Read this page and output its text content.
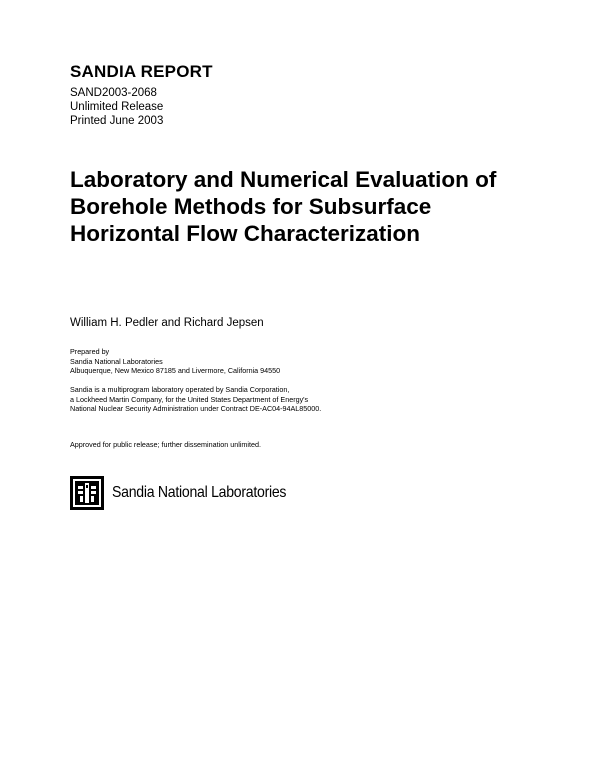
SANDIA REPORT
SAND2003-2068
Unlimited Release
Printed June 2003
Laboratory and Numerical Evaluation of
Borehole Methods for Subsurface
Horizontal Flow Characterization
William H. Pedler and Richard Jepsen
Prepared by
Sandia National Laboratories
Albuquerque, New Mexico 87185 and Livermore, California 94550
Sandia is a multiprogram laboratory operated by Sandia Corporation,
a Lockheed Martin Company, for the United States Department of Energy's
National Nuclear Security Administration under Contract DE-AC04-94AL85000.
Approved for public release; further dissemination unlimited.
Sandia National Laboratories
